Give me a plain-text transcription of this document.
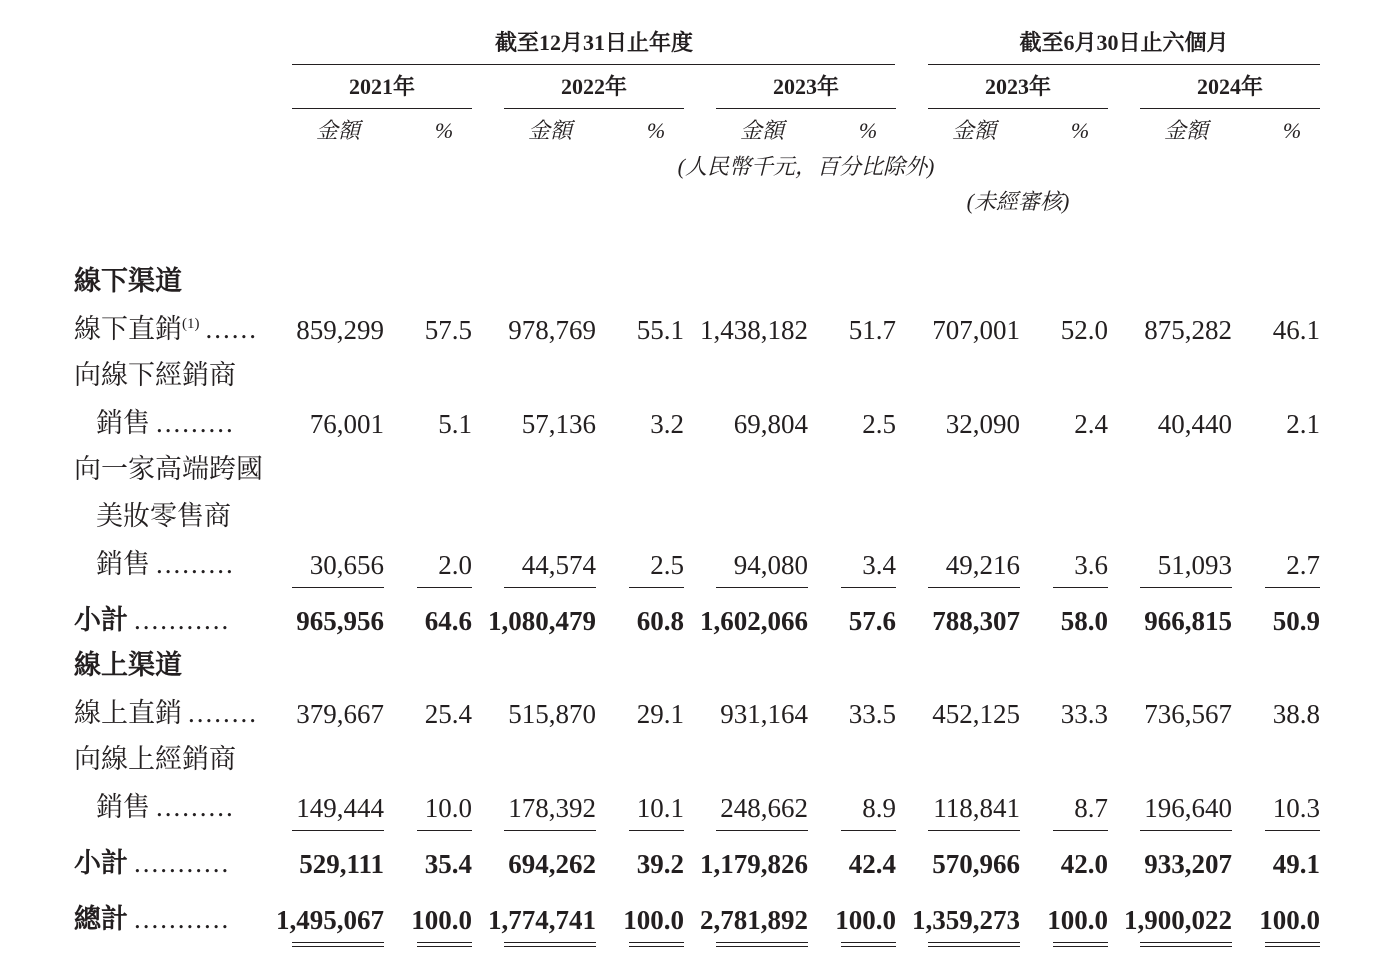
截至12月31日止年度	截至6月30日止六個月
2021年	2022年	2023年	2023年	2024年
金額	%	金額	%	金額	%	金額	%	金額	%
(人民幣千元，百分比除外)
(未經審核)
線下渠道
線下直銷$^{(1)}$ ...... 859,299 57.5 978,769 55.1 1,438,182 51.7 707,001 52.0 875,282 46.1
向線下經銷商
銷售 .........	76,001 5.1 57,136 3.2 69,804 2.5 32,090 2.4 40,440 2.1
向一家高端跨國
美妝零售商
銷售 .........	30,656 2.0 44,574 2.5 94,080 3.4 49,216 3.6 51,093 2.7
小計 ........... 965,956 64.6 1,080,479 60.8 1,602,066 57.6 788,307 58.0 966,815 50.9
線上渠道
線上直銷 ........ 379,667 25.4 515,870 29.1 931,164 33.5 452,125 33.3 736,567 38.8
向線上經銷商
銷售 ......... 149,444 10.0 178,392 10.1 248,662 8.9 118,841 8.7 196,640 10.3
小計 ...........	529,111 35.4 694,262 39.2 1,179,826 42.4 570,966 42.0 933,207 49.1
總計 ........... 1,495,067 100.0 1,774,741 100.0 2,781,892 100.0 1,359,273 100.0 1,900,022 100.0
